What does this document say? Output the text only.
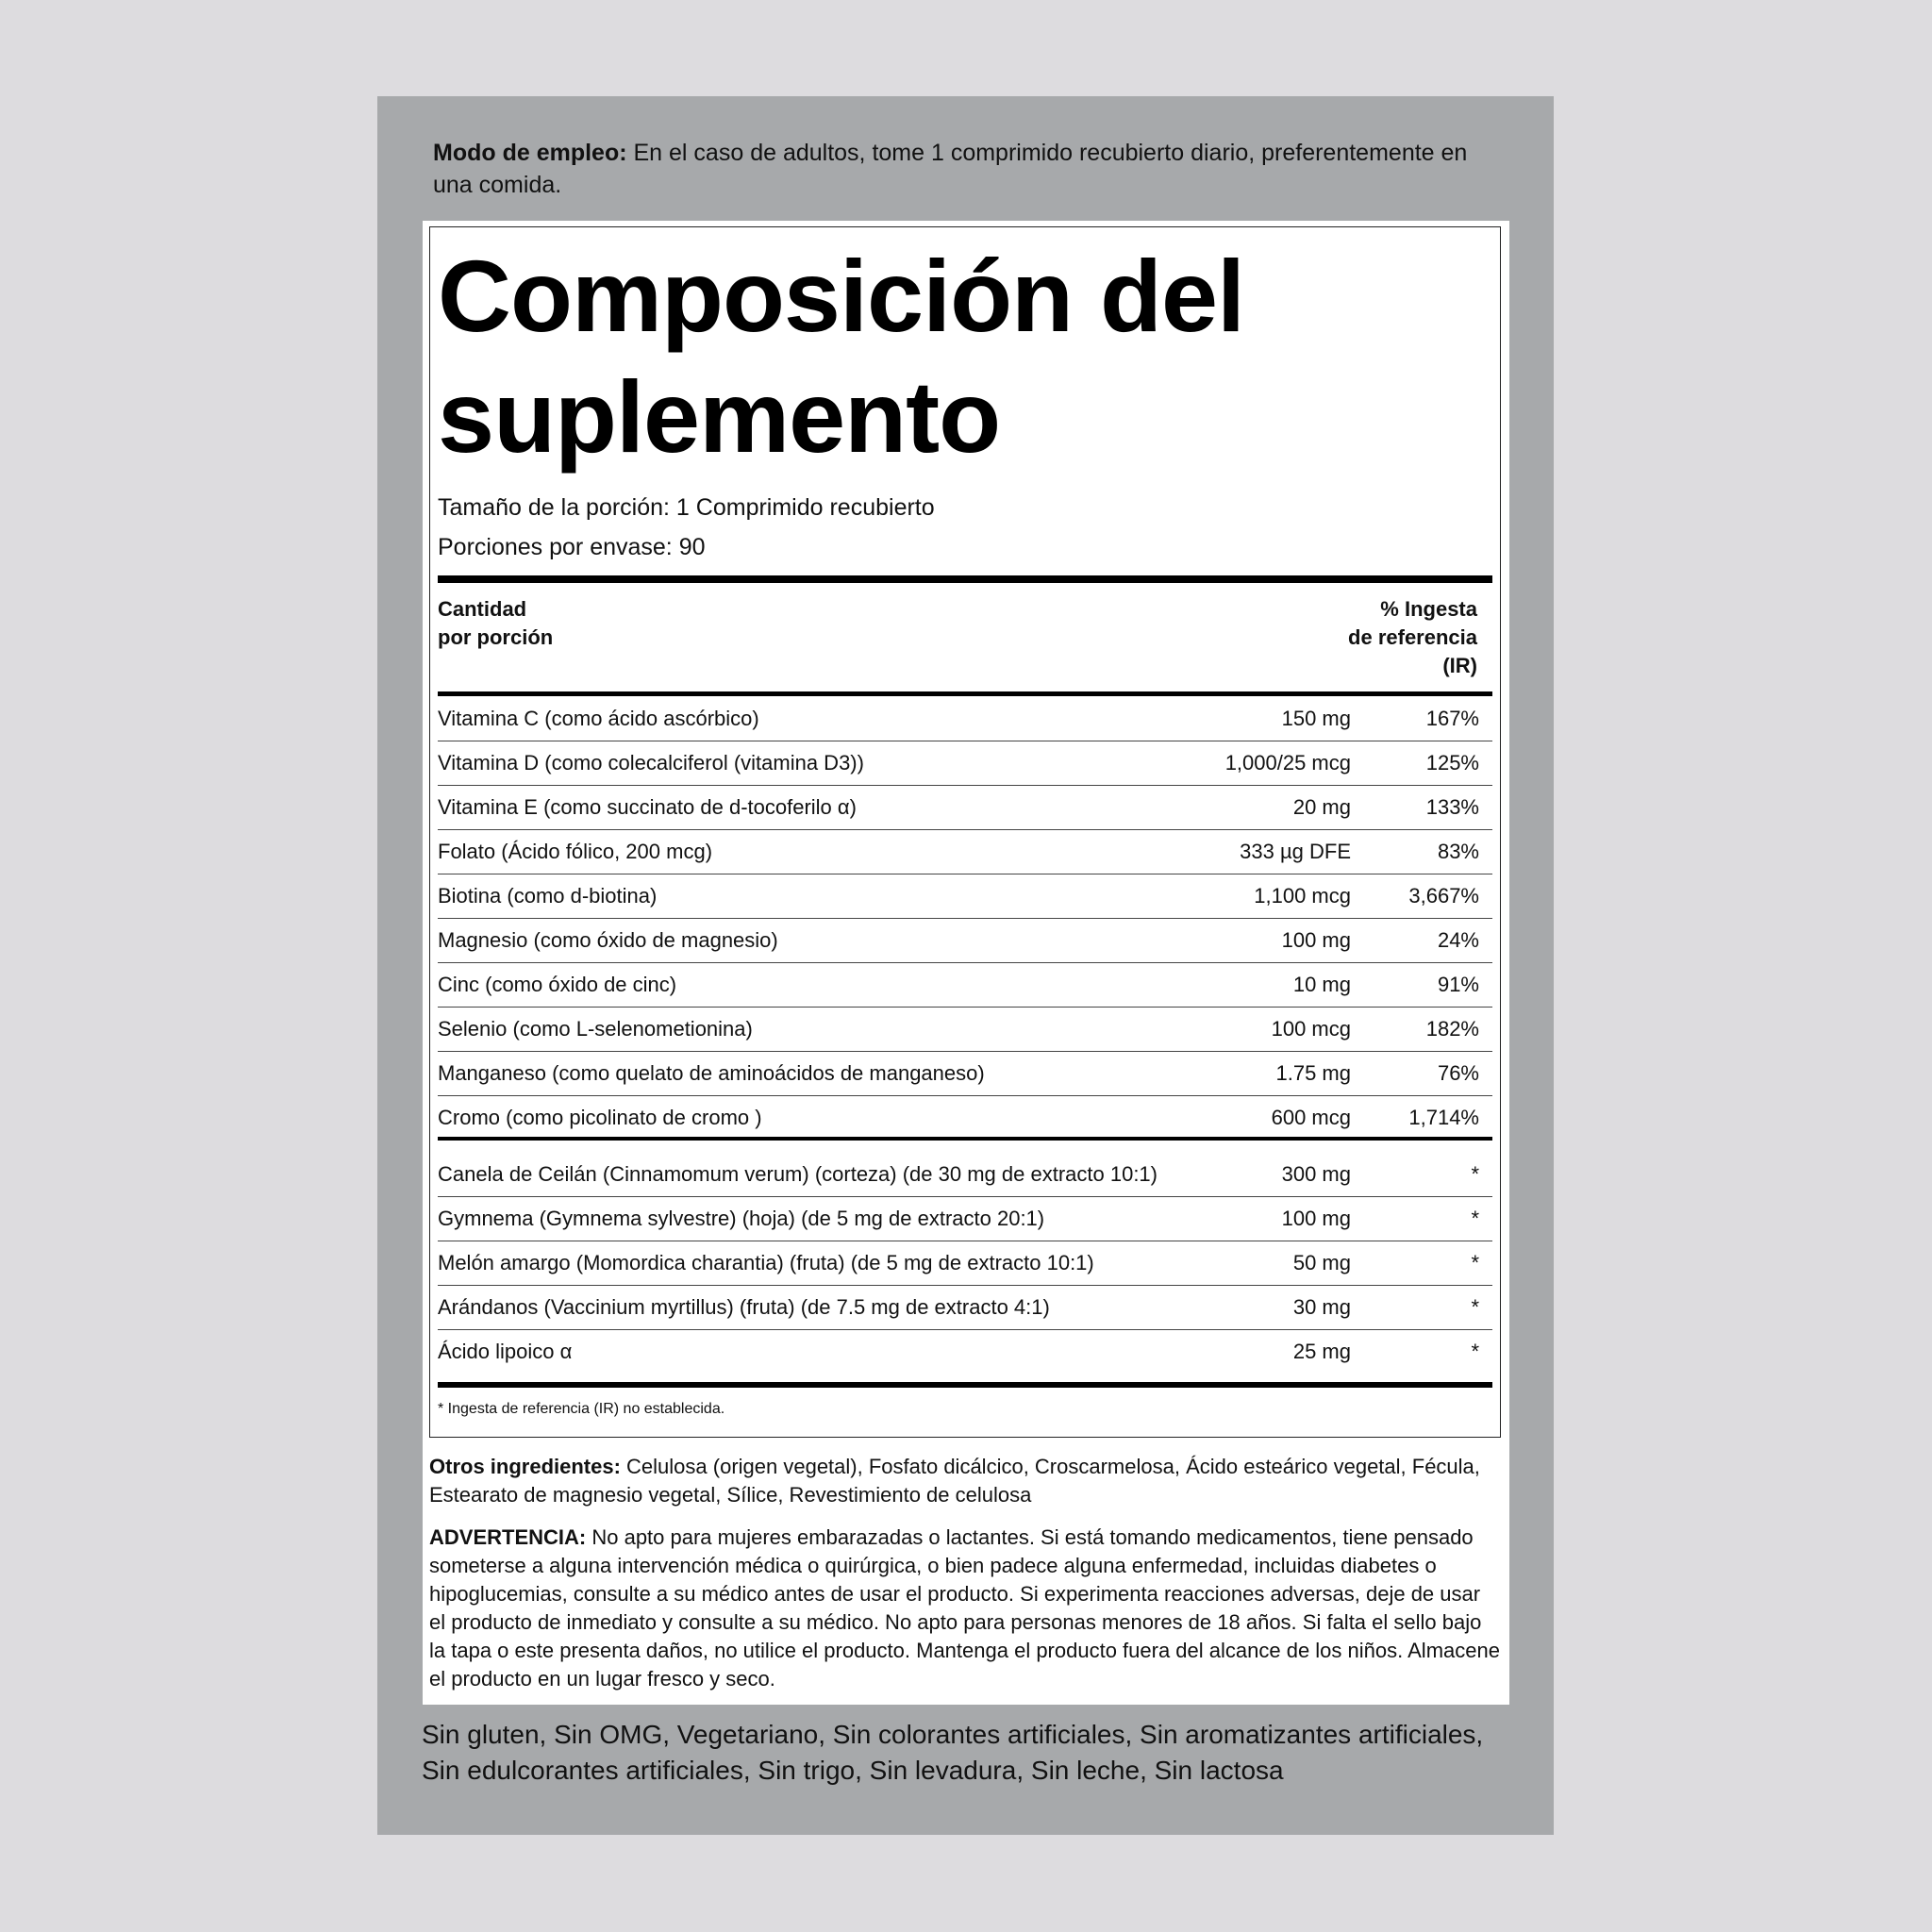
Modo de empleo: En el caso de adultos, tome 1 comprimido recubierto diario, preferentemente en una comida.
Composición del
suplemento
Tamaño de la porción: 1 Comprimido recubierto
Porciones por envase: 90
Cantidad
por porción
% Ingesta
de referencia
(IR)
Vitamina C (como ácido ascórbico)	150 mg	167%
Vitamina D (como colecalciferol (vitamina D3))	1,000/25 mcg	125%
Vitamina E (como succinato de d-tocoferilo α)	20 mg	133%
Folato (Ácido fólico, 200 mcg)	333 µg DFE	83%
Biotina (como d-biotina)	1,100 mcg	3,667%
Magnesio (como óxido de magnesio)	100 mg	24%
Cinc (como óxido de cinc)	10 mg	91%
Selenio (como L-selenometionina)	100 mcg	182%
Manganeso (como quelato de aminoácidos de manganeso)	1.75 mg	76%
Cromo (como picolinato de cromo )	600 mcg	1,714%
Canela de Ceilán (Cinnamomum verum) (corteza) (de 30 mg de extracto 10:1)	300 mg	*
Gymnema (Gymnema sylvestre) (hoja) (de 5 mg de extracto 20:1)	100 mg	*
Melón amargo (Momordica charantia) (fruta) (de 5 mg de extracto 10:1)	50 mg	*
Arándanos (Vaccinium myrtillus) (fruta) (de 7.5 mg de extracto 4:1)	30 mg	*
Ácido lipoico α	25 mg	*
* Ingesta de referencia (IR) no establecida.
Otros ingredientes: Celulosa (origen vegetal), Fosfato dicálcico, Croscarmelosa, Ácido esteárico vegetal, Fécula, Estearato de magnesio vegetal, Sílice, Revestimiento de celulosa
ADVERTENCIA: No apto para mujeres embarazadas o lactantes. Si está tomando medicamentos, tiene pensado someterse a alguna intervención médica o quirúrgica, o bien padece alguna enfermedad, incluidas diabetes o hipoglucemias, consulte a su médico antes de usar el producto. Si experimenta reacciones adversas, deje de usar el producto de inmediato y consulte a su médico. No apto para personas menores de 18 años. Si falta el sello bajo la tapa o este presenta daños, no utilice el producto. Mantenga el producto fuera del alcance de los niños. Almacene el producto en un lugar fresco y seco.
Sin gluten, Sin OMG, Vegetariano, Sin colorantes artificiales, Sin aromatizantes artificiales, Sin edulcorantes artificiales, Sin trigo, Sin levadura, Sin leche, Sin lactosa
